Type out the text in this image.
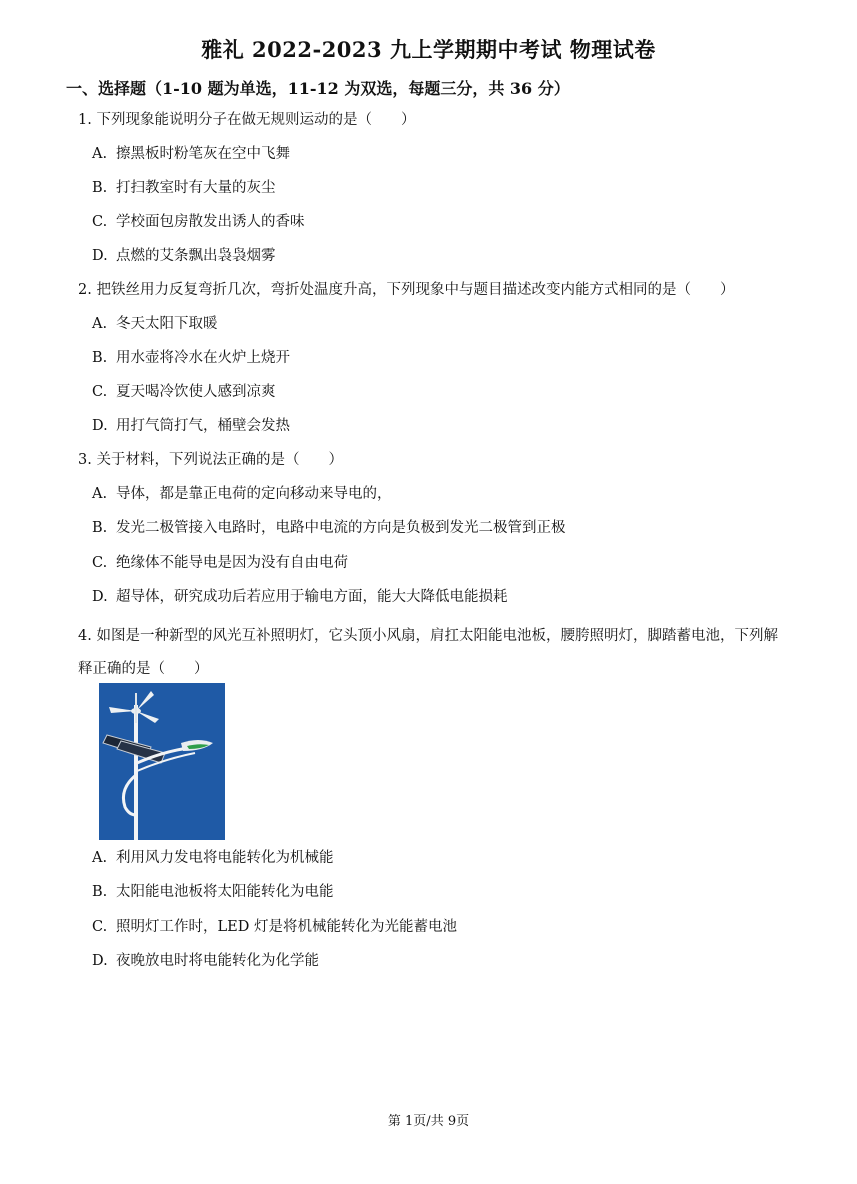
雅礼 2022-2023 九上学期期中考试 物理试卷
一、选择题（1-10 题为单选，11-12 为双选，每题三分，共 36 分）
1. 下列现象能说明分子在做无规则运动的是（　　）
A. 擦黑板时粉笔灰在空中飞舞
B. 打扫教室时有大量的灰尘
C. 学校面包房散发出诱人的香味
D. 点燃的艾条飘出袅袅烟雾
2. 把铁丝用力反复弯折几次，弯折处温度升高，下列现象中与题目描述改变内能方式相同的是（　　）
A. 冬天太阳下取暖
B. 用水壶将冷水在火炉上烧开
C. 夏天喝冷饮使人感到凉爽
D. 用打气筒打气，桶壁会发热
3. 关于材料，下列说法正确的是（　　）
A. 导体，都是靠正电荷的定向移动来导电的，
B. 发光二极管接入电路时，电路中电流的方向是负极到发光二极管到正极
C. 绝缘体不能导电是因为没有自由电荷
D. 超导体，研究成功后若应用于输电方面，能大大降低电能损耗
4. 如图是一种新型的风光互补照明灯，它头顶小风扇，肩扛太阳能电池板，腰胯照明灯，脚踏蓄电池，下列解释正确的是（　　）
A. 利用风力发电将电能转化为机械能
B. 太阳能电池板将太阳能转化为电能
C. 照明灯工作时，LED 灯是将机械能转化为光能蓄电池
D. 夜晚放电时将电能转化为化学能
第 1页/共 9页
